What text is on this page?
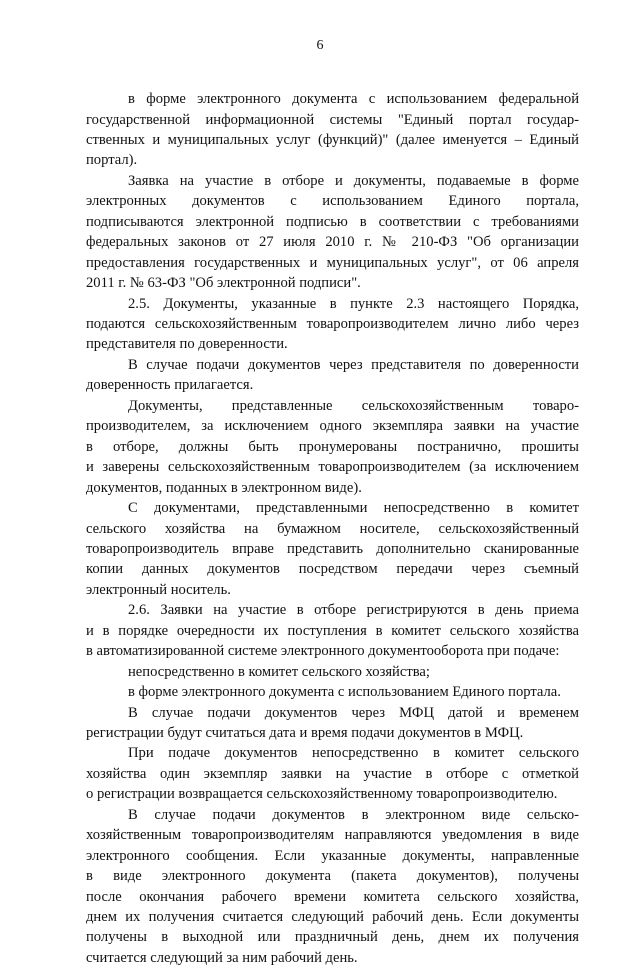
6
в форме электронного документа с использованием федеральной
государственной информационной системы "Единый портал государ-
ственных и муниципальных услуг (функций)" (далее именуется – Единый
портал).
Заявка на участие в отборе и документы, подаваемые в форме
электронных документов с использованием Единого портала,
подписываются электронной подписью в соответствии с требованиями
федеральных законов от 27 июля 2010 г. № 210-ФЗ "Об организации
предоставления государственных и муниципальных услуг", от 06 апреля
2011 г. № 63-ФЗ "Об электронной подписи".
2.5. Документы, указанные в пункте 2.3 настоящего Порядка,
подаются сельскохозяйственным товаропроизводителем лично либо через
представителя по доверенности.
В случае подачи документов через представителя по доверенности
доверенность прилагается.
Документы, представленные сельскохозяйственным товаро-
производителем, за исключением одного экземпляра заявки на участие
в отборе, должны быть пронумерованы постранично, прошиты
и заверены сельскохозяйственным товаропроизводителем (за исключением
документов, поданных в электронном виде).
С документами, представленными непосредственно в комитет
сельского хозяйства на бумажном носителе, сельскохозяйственный
товаропроизводитель вправе представить дополнительно сканированные
копии данных документов посредством передачи через съемный
электронный носитель.
2.6. Заявки на участие в отборе регистрируются в день приема
и в порядке очередности их поступления в комитет сельского хозяйства
в автоматизированной системе электронного документооборота при подаче:
непосредственно в комитет сельского хозяйства;
в форме электронного документа с использованием Единого портала.
В случае подачи документов через МФЦ датой и временем
регистрации будут считаться дата и время подачи документов в МФЦ.
При подаче документов непосредственно в комитет сельского
хозяйства один экземпляр заявки на участие в отборе с отметкой
о регистрации возвращается сельскохозяйственному товаропроизводителю.
В случае подачи документов в электронном виде сельско-
хозяйственным товаропроизводителям направляются уведомления в виде
электронного сообщения. Если указанные документы, направленные
в виде электронного документа (пакета документов), получены
после окончания рабочего времени комитета сельского хозяйства,
днем их получения считается следующий рабочий день. Если документы
получены в выходной или праздничный день, днем их получения
считается следующий за ним рабочий день.
